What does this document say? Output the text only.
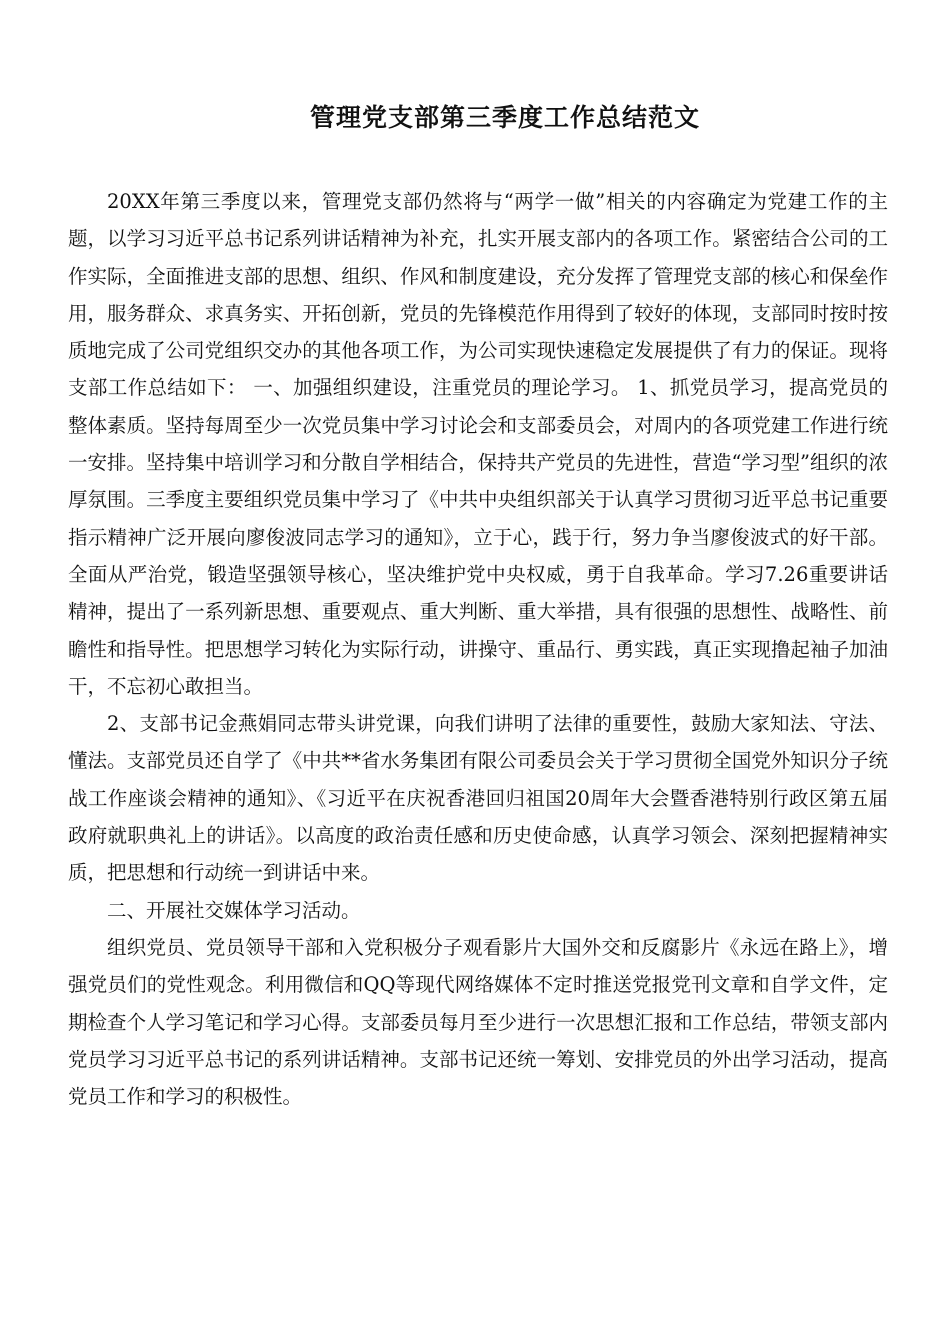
管理党支部第三季度工作总结范文

20XX年第三季度以来，管理党支部仍然将与“两学一做”相关的内容确定为党建工作的主题，以学习习近平总书记系列讲话精神为补充，扎实开展支部内的各项工作。紧密结合公司的工作实际，全面推进支部的思想、组织、作风和制度建设，充分发挥了管理党支部的核心和保垒作用，服务群众、求真务实、开拓创新，党员的先锋模范作用得到了较好的体现，支部同时按时按质地完成了公司党组织交办的其他各项工作，为公司实现快速稳定发展提供了有力的保证。现将支部工作总结如下： 一、加强组织建设，注重党员的理论学习。 1、抓党员学习，提高党员的整体素质。坚持每周至少一次党员集中学习讨论会和支部委员会，对周内的各项党建工作进行统一安排。坚持集中培训学习和分散自学相结合，保持共产党员的先进性，营造“学习型”组织的浓厚氛围。三季度主要组织党员集中学习了《中共中央组织部关于认真学习贯彻习近平总书记重要指示精神广泛开展向廖俊波同志学习的通知》，立于心，践于行，努力争当廖俊波式的好干部。全面从严治党，锻造坚强领导核心，坚决维护党中央权威，勇于自我革命。学习7.26重要讲话精神，提出了一系列新思想、重要观点、重大判断、重大举措，具有很强的思想性、战略性、前瞻性和指导性。把思想学习转化为实际行动，讲操守、重品行、勇实践，真正实现撸起袖子加油干，不忘初心敢担当。

2、支部书记金燕娟同志带头讲党课，向我们讲明了法律的重要性，鼓励大家知法、守法、懂法。支部党员还自学了《中共**省水务集团有限公司委员会关于学习贯彻全国党外知识分子统战工作座谈会精神的通知》、《习近平在庆祝香港回归祖国20周年大会暨香港特别行政区第五届政府就职典礼上的讲话》。以高度的政治责任感和历史使命感，认真学习领会、深刻把握精神实质，把思想和行动统一到讲话中来。

二、开展社交媒体学习活动。

组织党员、党员领导干部和入党积极分子观看影片大国外交和反腐影片《永远在路上》，增强党员们的党性观念。利用微信和QQ等现代网络媒体不定时推送党报党刊文章和自学文件，定期检查个人学习笔记和学习心得。支部委员每月至少进行一次思想汇报和工作总结，带领支部内党员学习习近平总书记的系列讲话精神。支部书记还统一筹划、安排党员的外出学习活动，提高党员工作和学习的积极性。
